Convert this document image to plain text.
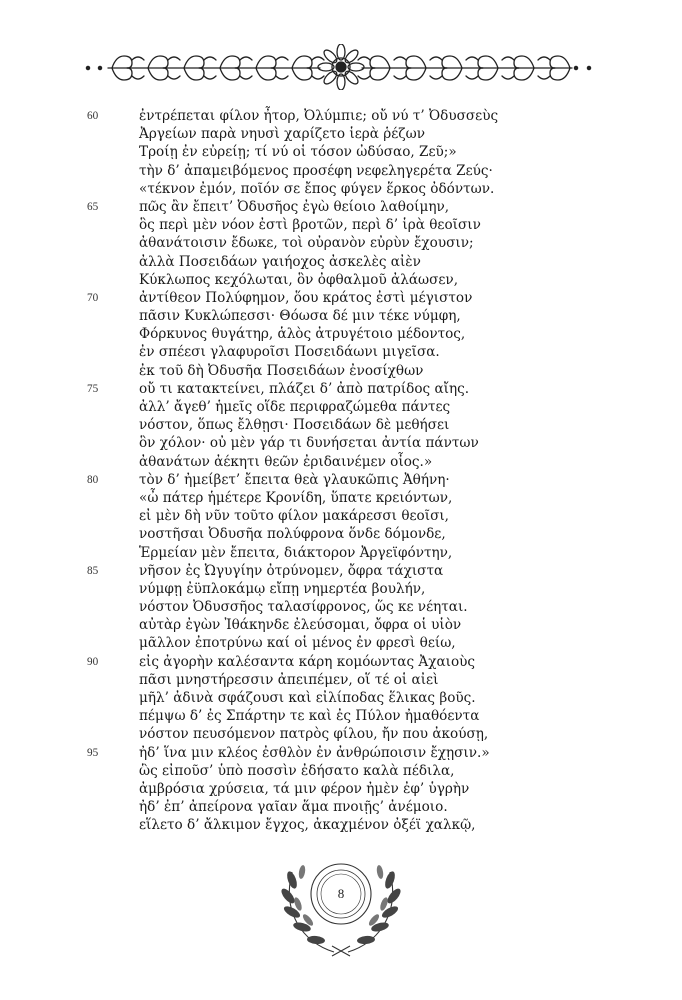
60	ἐντρέπεται φίλον ἦτορ, Ὀλύμπιε; οὔ νύ τ’ Ὀδυσσεὺς
Ἀργείων παρὰ νηυσὶ χαρίζετο ἱερὰ ῥέζων
Τροίῃ ἐν εὐρείῃ; τί νύ οἱ τόσον ὠδύσαο, Ζεῦ;»
τὴν δ’ ἀπαμειβόμενος προσέφη νεφεληγερέτα Ζεύς·
«τέκνον ἐμόν, ποῖόν σε ἔπος φύγεν ἕρκος ὀδόντων.
65	πῶς ἂν ἔπειτ’ Ὀδυσῆος ἐγὼ θείοιο λαθοίμην,
ὃς περὶ μὲν νόον ἐστὶ βροτῶν, περὶ δ’ ἱρὰ θεοῖσιν
ἀθανάτοισιν ἔδωκε, τοὶ οὐρανὸν εὐρὺν ἔχουσιν;
ἀλλὰ Ποσειδάων γαιήοχος ἀσκελὲς αἰὲν
Κύκλωπος κεχόλωται, ὃν ὀφθαλμοῦ ἀλάωσεν,
70	ἀντίθεον Πολύφημον, ὅου κράτος ἐστὶ μέγιστον
πᾶσιν Κυκλώπεσσι· Θόωσα δέ μιν τέκε νύμφη,
Φόρκυνος θυγάτηρ, ἁλὸς ἀτρυγέτοιο μέδοντος,
ἐν σπέεσι γλαφυροῖσι Ποσειδάωνι μιγεῖσα.
ἐκ τοῦ δὴ Ὀδυσῆα Ποσειδάων ἐνοσίχθων
75	οὔ τι κατακτείνει, πλάζει δ’ ἀπὸ πατρίδος αἴης.
ἀλλ’ ἄγεθ’ ἡμεῖς οἵδε περιφραζώμεθα πάντες
νόστον, ὅπως ἔλθῃσι· Ποσειδάων δὲ μεθήσει
ὃν χόλον· οὐ μὲν γάρ τι δυνήσεται ἀντία πάντων
ἀθανάτων ἀέκητι θεῶν ἐριδαινέμεν οἶος.»
80	τὸν δ’ ἠμείβετ’ ἔπειτα θεὰ γλαυκῶπις Ἀθήνη·
«ὦ πάτερ ἡμέτερε Κρονίδη, ὕπατε κρειόντων,
εἰ μὲν δὴ νῦν τοῦτο φίλον μακάρεσσι θεοῖσι,
νοστῆσαι Ὀδυσῆα πολύφρονα ὅνδε δόμονδε,
Ἑρμείαν μὲν ἔπειτα, διάκτορον Ἀργεϊφόντην,
85	νῆσον ἐς Ὠγυγίην ὀτρύνομεν, ὄφρα τάχιστα
νύμφῃ ἐϋπλοκάμῳ εἴπῃ νημερτέα βουλήν,
νόστον Ὀδυσσῆος ταλασίφρονος, ὥς κε νέηται.
αὐτὰρ ἐγὼν Ἰθάκηνδε ἐλεύσομαι, ὄφρα οἱ υἱὸν
μᾶλλον ἐποτρύνω καί οἱ μένος ἐν φρεσὶ θείω,
90	εἰς ἀγορὴν καλέσαντα κάρη κομόωντας Ἀχαιοὺς
πᾶσι μνηστήρεσσιν ἀπειπέμεν, οἵ τέ οἱ αἰεὶ
μῆλ’ ἀδινὰ σφάζουσι καὶ εἰλίποδας ἕλικας βοῦς.
πέμψω δ’ ἐς Σπάρτην τε καὶ ἐς Πύλον ἠμαθόεντα
νόστον πευσόμενον πατρὸς φίλου, ἤν που ἀκούσῃ,
95	ἠδ’ ἵνα μιν κλέος ἐσθλὸν ἐν ἀνθρώποισιν ἔχῃσιν.»
ὣς εἰποῦσ’ ὑπὸ ποσσὶν ἐδήσατο καλὰ πέδιλα,
ἀμβρόσια χρύσεια, τά μιν φέρον ἠμὲν ἐφ’ ὑγρὴν
ἠδ’ ἐπ’ ἀπείρονα γαῖαν ἅμα πνοιῇς’ ἀνέμοιο.
εἵλετο δ’ ἄλκιμον ἔγχος, ἀκαχμένον ὀξέϊ χαλκῷ,
8
